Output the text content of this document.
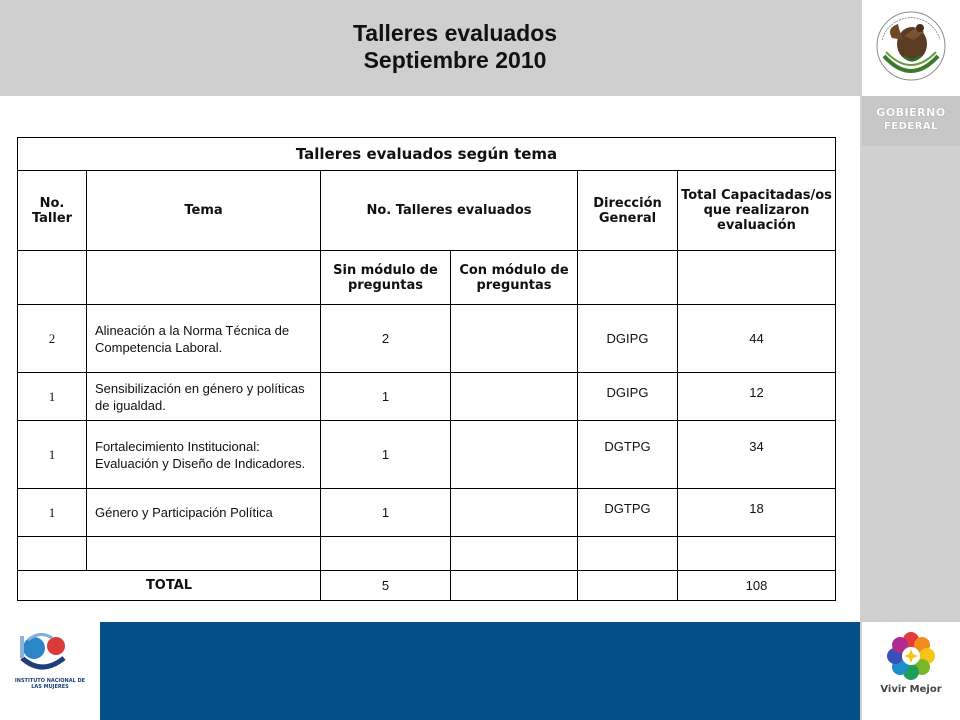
Talleres evaluados
Septiembre 2010
GOBIERNO
FEDERAL
Vivir Mejor
INSTITUTO NACIONAL DE LAS MUJERES
Talleres evaluados según tema					
No. Taller	Tema	No. Talleres evaluados		Dirección General	Total Capacitadas/os que realizaron evaluación
		Sin módulo de preguntas	Con módulo de preguntas		
2	Alineación a la Norma Técnica de Competencia Laboral.	2		DGIPG	44
1	Sensibilización en género y políticas de igualdad.	1		DGIPG	12
1	Fortalecimiento Institucional: Evaluación y Diseño de Indicadores.	1		DGTPG	34
1	Género y Participación Política	1		DGTPG	18

TOTAL		5			108
